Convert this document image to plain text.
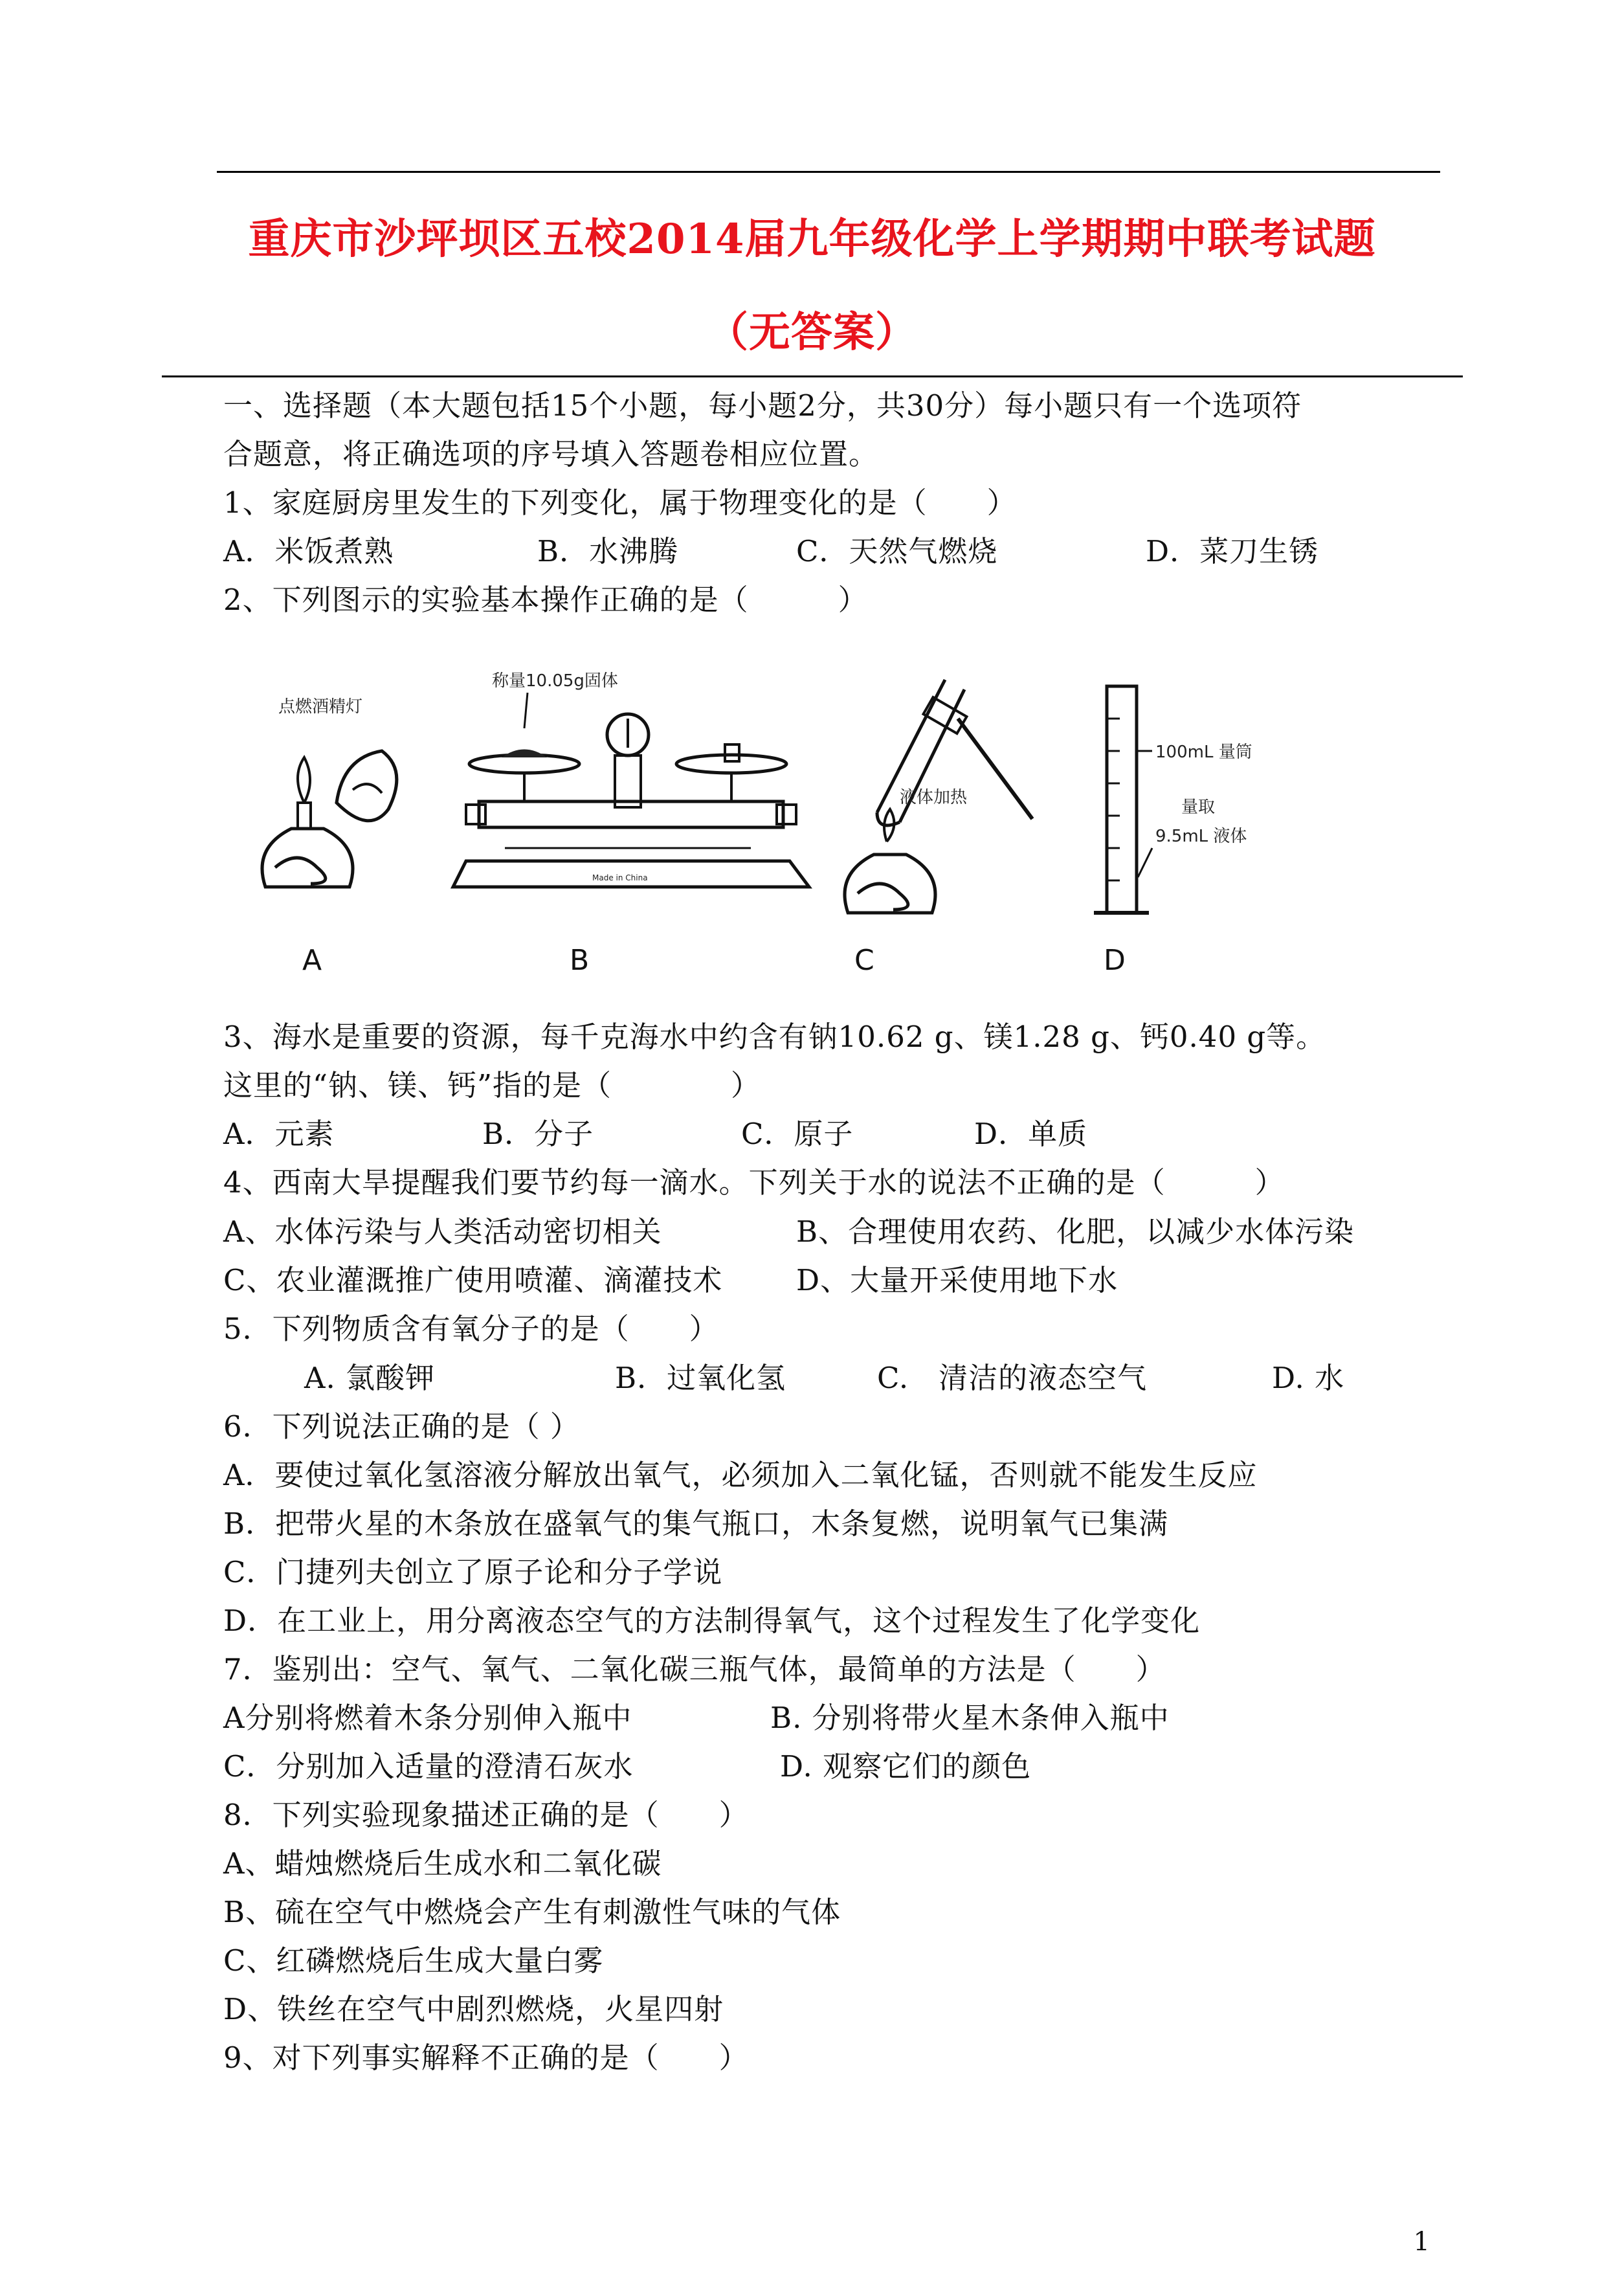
重庆市沙坪坝区五校2014届九年级化学上学期期中联考试题
（无答案）
一、选择题（本大题包括15个小题，每小题2分，共30分）每小题只有一个选项符
合题意，将正确选项的序号填入答题卷相应位置。
1、家庭厨房里发生的下列变化，属于物理变化的是（　　）
A．米饭煮熟	B．水沸腾	C．天然气燃烧	D．菜刀生锈
2、下列图示的实验基本操作正确的是（　　　）
点燃酒精灯
称量10.05g固体
Made in China
液体加热
100mL 量筒
量取
9.5mL 液体
A	B	C	D
3、海水是重要的资源，每千克海水中约含有钠10.62 g、镁1.28 g、钙0.40 g等。
这里的“钠、镁、钙”指的是（　　　　）
A．元素	B．分子	C．原子	D．单质
4、西南大旱提醒我们要节约每一滴水。下列关于水的说法不正确的是（　　　）
A、水体污染与人类活动密切相关	B、合理使用农药、化肥，以减少水体污染
C、农业灌溉推广使用喷灌、滴灌技术	D、大量开采使用地下水
5．下列物质含有氧分子的是（　　）
A. 氯酸钾	B．过氧化氢	C.　清洁的液态空气	D. 水
6．下列说法正确的是（ ）
A．要使过氧化氢溶液分解放出氧气，必须加入二氧化锰，否则就不能发生反应
B．把带火星的木条放在盛氧气的集气瓶口，木条复燃，说明氧气已集满
C．门捷列夫创立了原子论和分子学说
D．在工业上，用分离液态空气的方法制得氧气，这个过程发生了化学变化
7．鉴别出：空气、氧气、二氧化碳三瓶气体，最简单的方法是（　　）
A分别将燃着木条分别伸入瓶中	B. 分别将带火星木条伸入瓶中
C．分别加入适量的澄清石灰水	D. 观察它们的颜色
8．下列实验现象描述正确的是（　　）
A、蜡烛燃烧后生成水和二氧化碳
B、硫在空气中燃烧会产生有刺激性气味的气体
C、红磷燃烧后生成大量白雾
D、铁丝在空气中剧烈燃烧，火星四射
9、对下列事实解释不正确的是（　　）
1
